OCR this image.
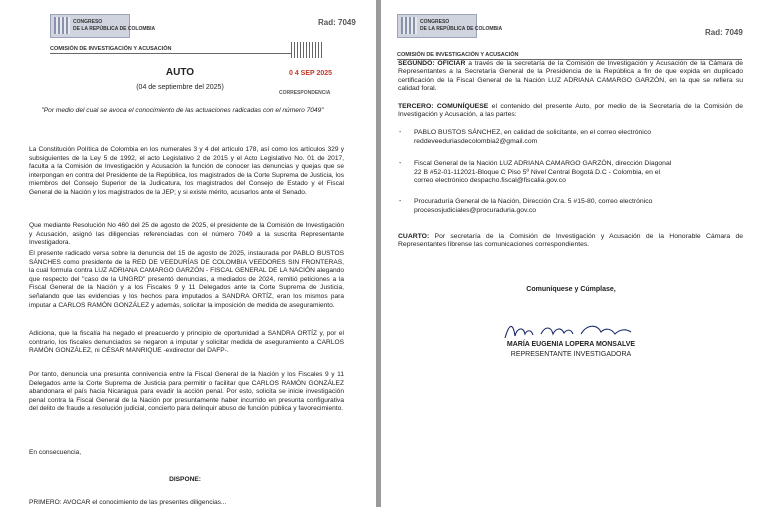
CONGRESO
DE LA REPÚBLICA DE COLOMBIA
COMISIÓN DE INVESTIGACIÓN Y ACUSACIÓN
Rad: 7049
0 4 SEP 2025
CORRESPONDENCIA
AUTO
(04 de septiembre del 2025)
"Por medio del cual se avoca el conocimiento de las actuaciones radicadas con el número 7049"
La Constitución Política de Colombia en los numerales 3 y 4 del artículo 178, así como los artículos 329 y subsiguientes de la Ley 5 de 1992, el acto Legislativo 2 de 2015 y el Acto Legislativo No. 01 de 2017, faculta a la Comisión de Investigación y Acusación la función de conocer las denuncias y quejas que se interpongan en contra del Presidente de la República, los magistrados de la Corte Suprema de Justicia, los miembros del Consejo Superior de la Judicatura, los magistrados del Consejo de Estado y el Fiscal General de la Nación y los magistrados de la JEP; y si existe mérito, acusarlos ante el Senado.
Que mediante Resolución No 460 del 25 de agosto de 2025, el presidente de la Comisión de Investigación y Acusación, asignó las diligencias referenciadas con el número 7049 a la suscrita Representante Investigadora.
El presente radicado versa sobre la denuncia del 15 de agosto de 2025, instaurada por PABLO BUSTOS SÁNCHES como presidente de la RED DE VEEDURÍAS DE COLOMBIA VEEDORES SIN FRONTERAS, la cual formula contra LUZ ADRIANA CAMARGO GARZÓN - FISCAL GENERAL DE LA NACIÓN alegando que respecto del "caso de la UNGRD" presentó denuncias, a mediados de 2024, remitió peticiones a la Fiscal General de la Nación y a los Fiscales 9 y 11 Delegados ante la Corte Suprema de Justicia, señalando que las evidencias y los hechos para imputados a SANDRA ORTÍZ, eran los mismos para imputar a CARLOS RAMÓN GONZÁLEZ y además, solicitar la imposición de medida de aseguramiento.
Adiciona, que la fiscalía ha negado el preacuerdo y principio de oportunidad a SANDRA ORTÍZ y, por el contrario, los fiscales denunciados se negaron a imputar y solicitar medida de aseguramiento a CARLOS RAMÓN GONZÁLEZ, ni CÉSAR MANRIQUE -exdirector del DAFP-.
Por tanto, denuncia una presunta connivencia entre la Fiscal General de la Nación y los Fiscales 9 y 11 Delegados ante la Corte Suprema de Justicia para permitir o facilitar que CARLOS RAMÓN GONZÁLEZ abandonara el país hacia Nicaragua para evadir la acción penal. Por esto, solicita se inicie investigación penal contra la Fiscal General de la Nación por presuntamente haber incurrido en presunta configurativa del delito de fraude a resolución judicial, concierto para delinquir abuso de función pública y favorecimiento.
En consecuencia,
DISPONE:
PRIMERO: AVOCAR el conocimiento de las presentes diligencias...
CONGRESO
DE LA REPÚBLICA DE COLOMBIA
COMISIÓN DE INVESTIGACIÓN Y ACUSACIÓN
Rad: 7049
SEGUNDO: OFICIAR a través de la secretaría de la Comisión de Investigación y Acusación de la Cámara de Representantes a la Secretaría General de la Presidencia de la República a fin de que expida en duplicado certificación de la Fiscal General de la Nación LUZ ADRIANA CAMARGO GARZÓN, en la que se refiera su calidad foral.
TERCERO: COMUNÍQUESE el contenido del presente Auto, por medio de la Secretaría de la Comisión de Investigación y Acusación, a las partes:
- PABLO BUSTOS SÁNCHEZ, en calidad de solicitante, en el correo electrónico
reddeveeduriasdecolombia2@gmail.com
- Fiscal General de la Nación LUZ ADRIANA CAMARGO GARZÓN, dirección Diagonal
22 B #52-01-112021-Bloque C Piso 5º Nivel Central Bogotá D.C - Colombia, en el
correo electrónico despacho.fiscal@fiscalia.gov.co
- Procuraduría General de la Nación, Dirección Cra. 5 #15-80, correo electrónico
procesosjudiciales@procuraduria.gov.co
CUARTO: Por secretaría de la Comisión de Investigación y Acusación de la Honorable Cámara de Representantes líbrense las comunicaciones correspondientes.
Comuníquese y Cúmplase,
MARÍA EUGENIA LOPERA MONSALVE
REPRESENTANTE INVESTIGADORA
